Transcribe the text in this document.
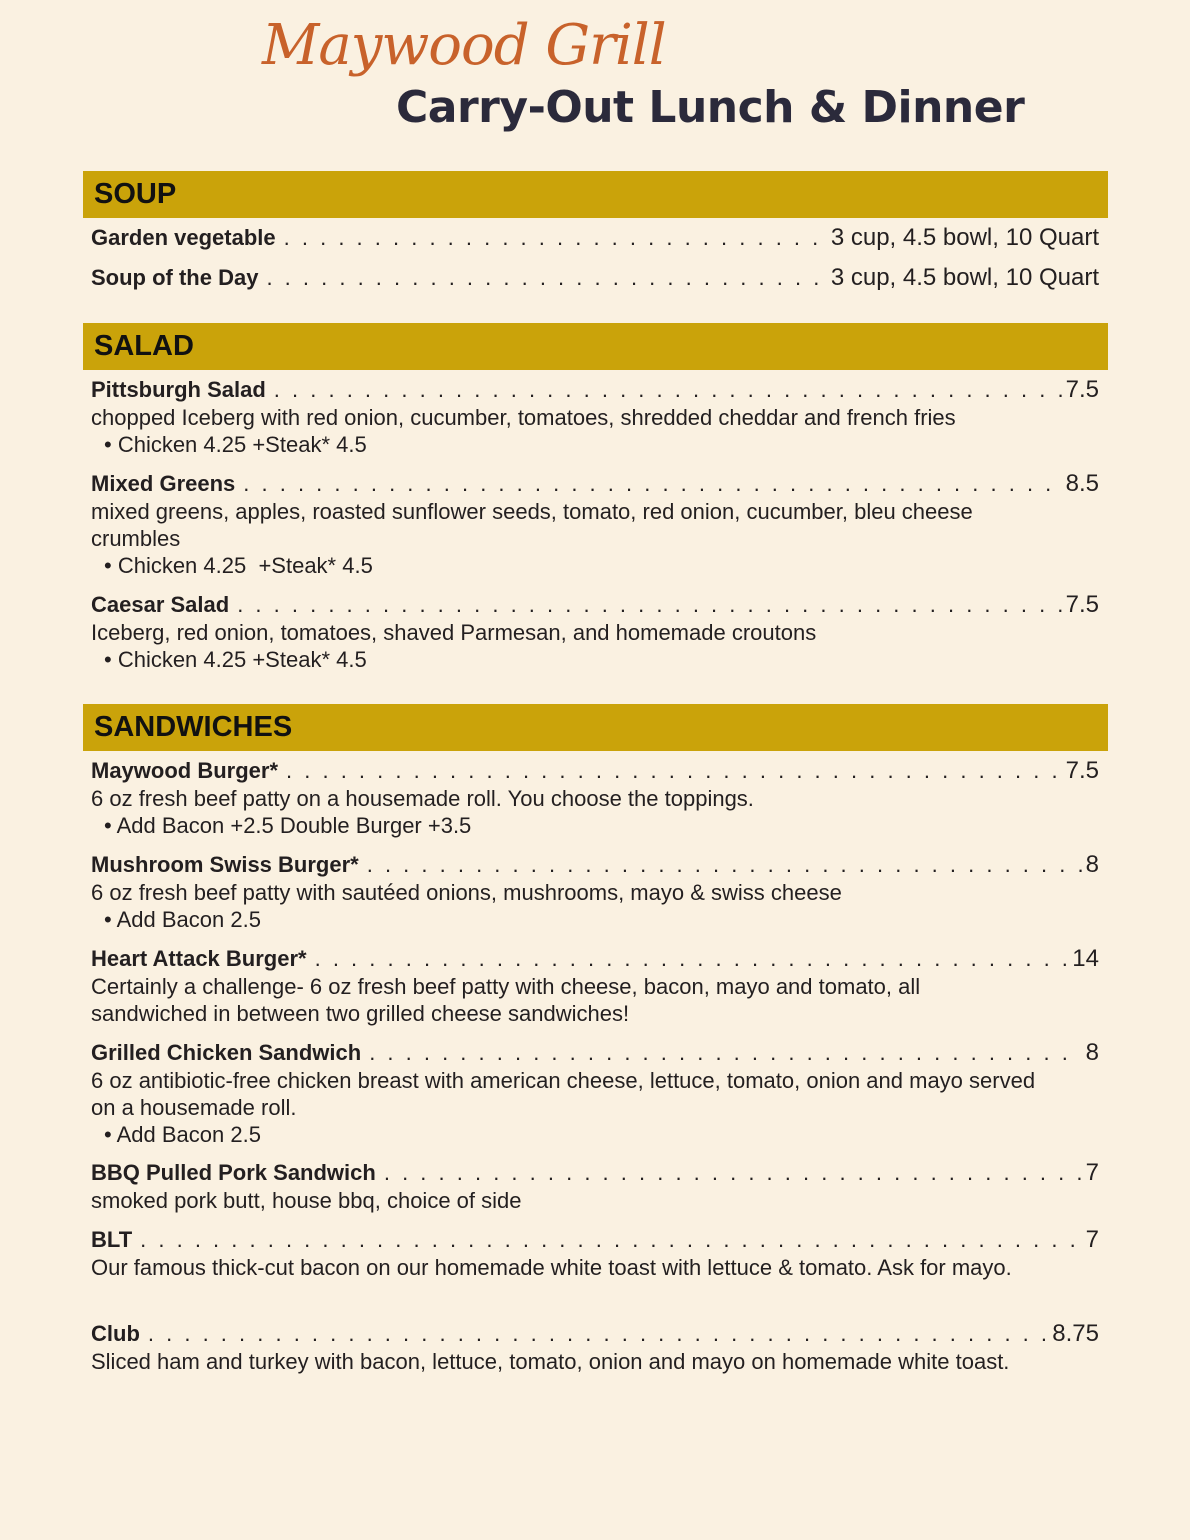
Maywood Grill
Carry-Out Lunch & Dinner
SOUP
Garden vegetable . . .	3 cup, 4.5 bowl, 10 Quart
Soup of the Day . . .	3 cup, 4.5 bowl, 10 Quart
SALAD
Pittsburgh Salad . . .	7.5
chopped Iceberg with red onion, cucumber, tomatoes, shredded cheddar and french fries
• Chicken 4.25 +Steak* 4.5
Mixed Greens . . .	8.5
mixed greens, apples, roasted sunflower seeds, tomato, red onion, cucumber, bleu cheese crumbles
• Chicken 4.25  +Steak* 4.5
Caesar Salad . . .	7.5
Iceberg, red onion, tomatoes, shaved Parmesan, and homemade croutons
• Chicken 4.25 +Steak* 4.5
SANDWICHES
Maywood Burger* . . .	7.5
6 oz fresh beef patty on a housemade roll. You choose the toppings.
• Add Bacon +2.5 Double Burger +3.5
Mushroom Swiss Burger* . . .	8
6 oz fresh beef patty with sautéed onions, mushrooms, mayo & swiss cheese
• Add Bacon 2.5
Heart Attack Burger* . . .	14
Certainly a challenge- 6 oz fresh beef patty with cheese, bacon, mayo and tomato, all sandwiched in between two grilled cheese sandwiches!
Grilled Chicken Sandwich . . .	8
6 oz antibiotic-free chicken breast with american cheese, lettuce, tomato, onion and mayo served on a housemade roll.
• Add Bacon 2.5
BBQ Pulled Pork Sandwich . . .	7
smoked pork butt, house bbq, choice of side
BLT . . .	7
Our famous thick-cut bacon on our homemade white toast with lettuce & tomato. Ask for mayo.
Club . . .	8.75
Sliced ham and turkey with bacon, lettuce, tomato, onion and mayo on homemade white toast.
